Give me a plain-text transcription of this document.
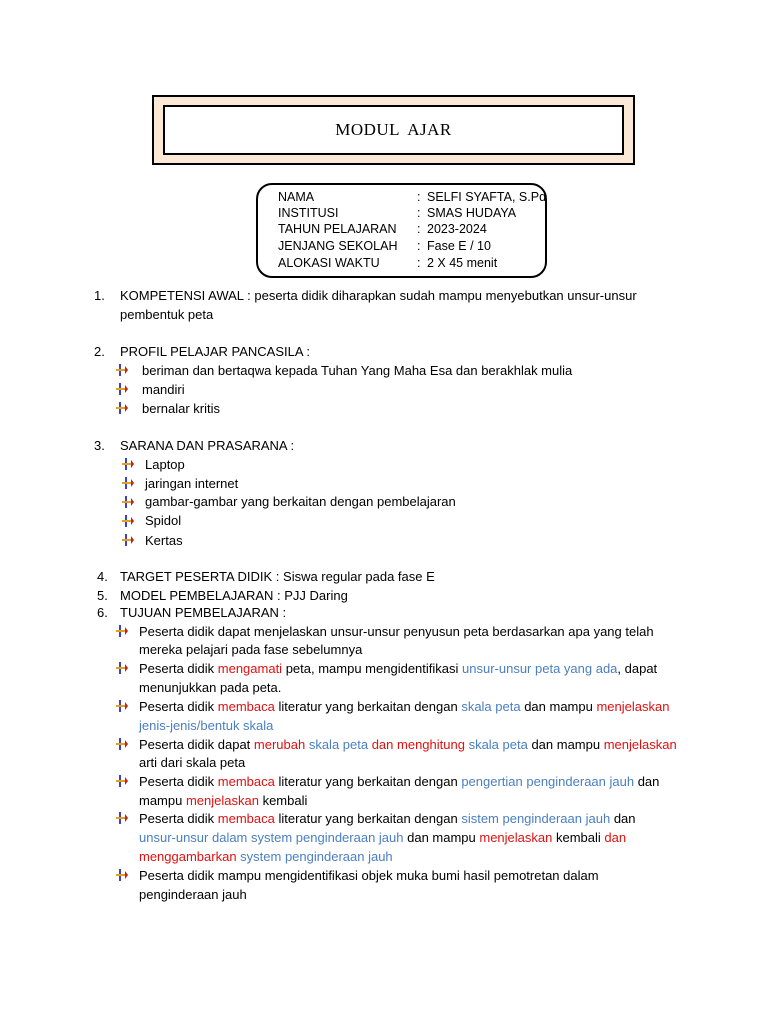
MODUL AJAR
NAMA	: SELFI SYAFTA, S.Pd
INSTITUSI	: SMAS HUDAYA
TAHUN PELAJARAN : 2023-2024
JENJANG SEKOLAH : Fase E / 10
ALOKASI WAKTU	: 2 X 45 menit
1. KOMPETENSI AWAL : peserta didik diharapkan sudah mampu menyebutkan unsur-unsur
pembentuk peta
2. PROFIL PELAJAR PANCASILA :
beriman dan bertaqwa kepada Tuhan Yang Maha Esa dan berakhlak mulia
mandiri
bernalar kritis
3. SARANA DAN PRASARANA :
Laptop
jaringan internet
gambar-gambar yang berkaitan dengan pembelajaran
Spidol
Kertas
4. TARGET PESERTA DIDIK : Siswa regular pada fase E
5. MODEL PEMBELAJARAN : PJJ Daring
6. TUJUAN PEMBELAJARAN :
Peserta didik dapat menjelaskan unsur-unsur penyusun peta berdasarkan apa yang telah
mereka pelajari pada fase sebelumnya
Peserta didik mengamati peta, mampu mengidentifikasi unsur-unsur peta yang ada, dapat
menunjukkan pada peta.
Peserta didik membaca literatur yang berkaitan dengan skala peta dan mampu menjelaskan
jenis-jenis/bentuk skala
Peserta didik dapat merubah skala peta dan menghitung skala peta dan mampu menjelaskan
arti dari skala peta
Peserta didik membaca literatur yang berkaitan dengan pengertian penginderaan jauh dan
mampu menjelaskan kembali
Peserta didik membaca literatur yang berkaitan dengan sistem penginderaan jauh dan
unsur-unsur dalam system penginderaan jauh dan mampu menjelaskan kembali dan
menggambarkan system penginderaan jauh
Peserta didik mampu mengidentifikasi objek muka bumi hasil pemotretan dalam
penginderaan jauh
